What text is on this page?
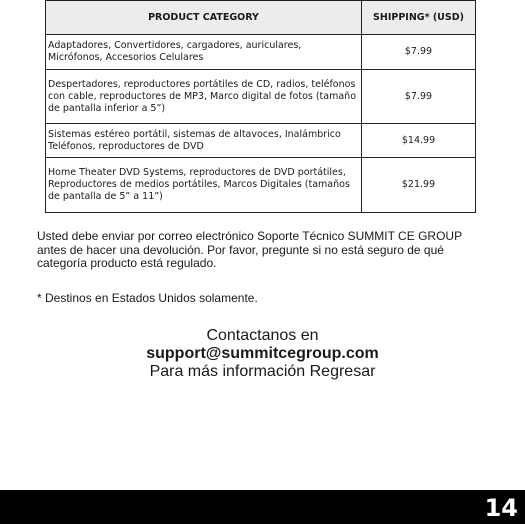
PRODUCT CATEGORY	SHIPPING* (USD)
Adaptadores, Convertidores, cargadores, auriculares, Micrófonos, Accesorios Celulares	$7.99
Despertadores, reproductores portátiles de CD, radios, teléfonos con cable, reproductores de MP3, Marco digital de fotos (tamaño de pantalla inferior a 5”)	$7.99
Sistemas estéreo portátil, sistemas de altavoces, Inalámbrico Teléfonos, reproductores de DVD	$14.99
Home Theater DVD Systems, reproductores de DVD portátiles, Reproductores de medios portátiles, Marcos Digitales (tamaños de pantalla de 5” a 11”)	$21.99

Usted debe enviar por correo electrónico Soporte Técnico SUMMIT CE GROUP antes de hacer una devolución. Por favor, pregunte si no está seguro de qué categoría producto está regulado.

* Destinos en Estados Unidos solamente.

Contactanos en
support@summitcegroup.com
Para más información Regresar
14
